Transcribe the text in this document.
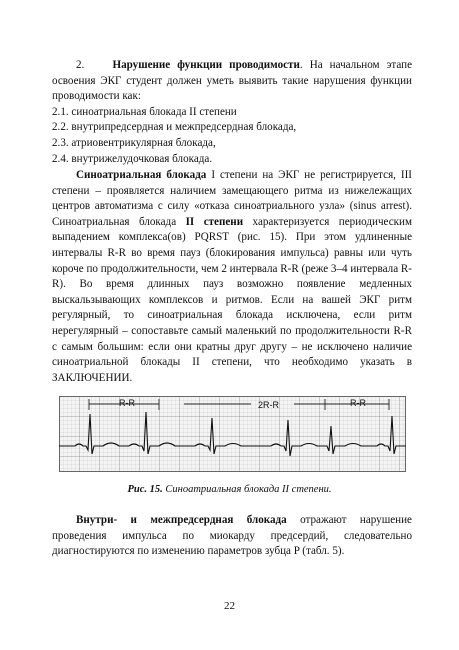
2.	Нарушение функции проводимости. На начальном этапе освоения ЭКГ студент должен уметь выявить такие нарушения функции проводимости как:

2.1. синоатриальная блокада II степени

2.2. внутрипредсердная и межпредсердная блокада,

2.3. атриовентрикулярная блокада,

2.4. внутрижелудочковая блокада.

Синоатриальная блокада I степени на ЭКГ не регистрируется, III степени – проявляется наличием замещающего ритма из нижележащих центров автоматизма с силу «отказа синоатриального узла» (sinus arrest). Синоатриальная блокада II степени характеризуется периодическим выпадением комплекса(ов) PQRST (рис. 15). При этом удлиненные интервалы R-R во время пауз (блокирования импульса) равны или чуть короче по продолжительности, чем 2 интервала R-R (реже 3–4 интервала R-R). Во время длинных пауз возможно появление медленных выскальзывающих комплексов и ритмов. Если на вашей ЭКГ ритм регулярный, то синоатриальная блокада исключена, если ритм нерегулярный – сопоставьте самый маленький по продолжительности R-R с самым большим: если они кратны друг другу – не исключено наличие синоатриальной блокады II степени, что необходимо указать в ЗАКЛЮЧЕНИИ.

R-R	2R-R	R-R
Рис. 15. Синоатриальная блокада II степени.

Внутри- и межпредсердная блокада отражают нарушение проведения импульса по миокарду предсердий, следовательно диагностируются по изменению параметров зубца P (табл. 5).

22
